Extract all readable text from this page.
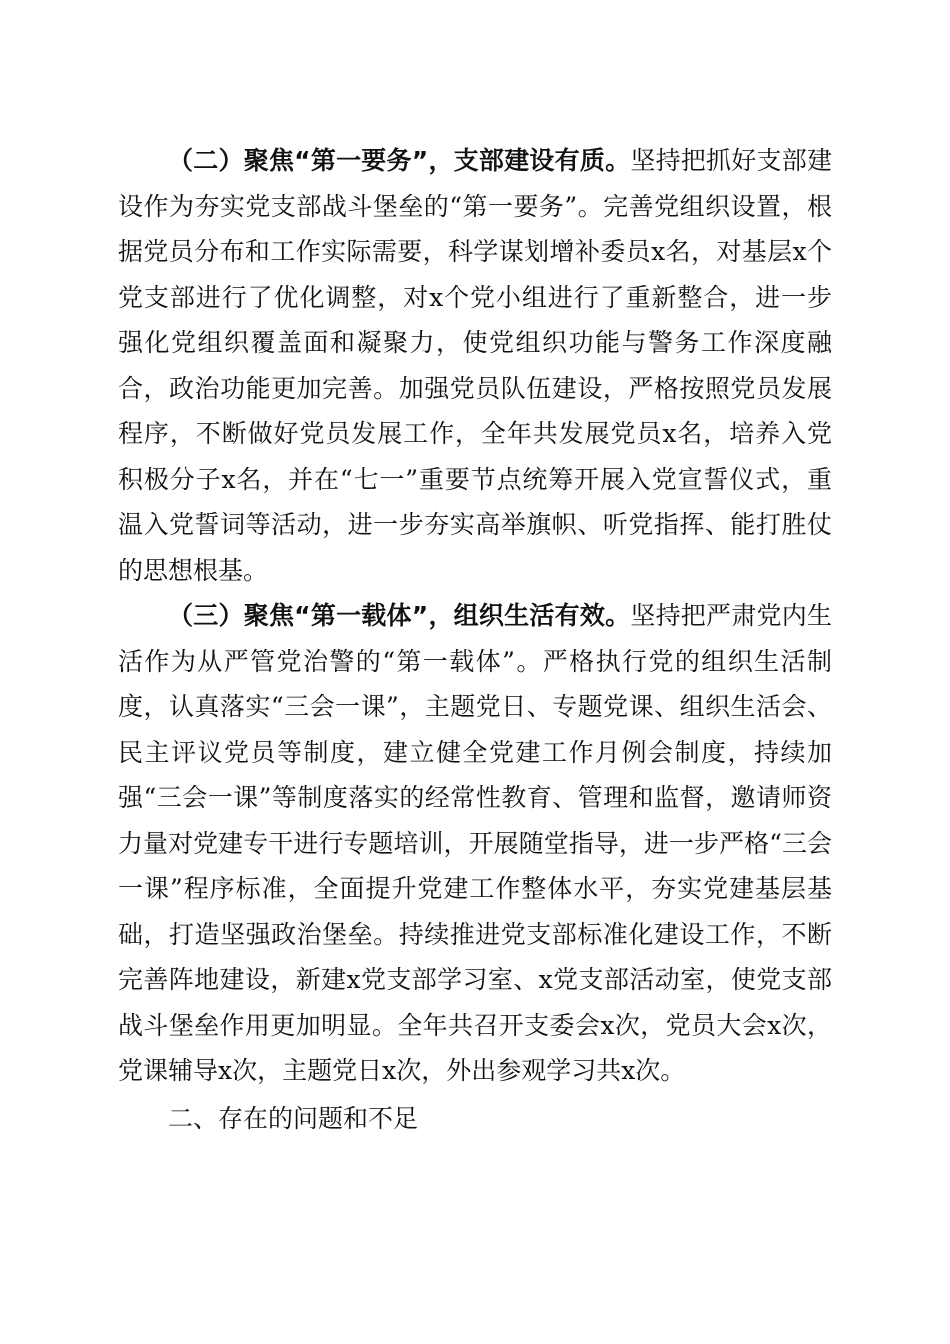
（二）聚焦“第一要务”，支部建设有质。坚持把抓好支部建设作为夯实党支部战斗堡垒的“第一要务”。完善党组织设置，根据党员分布和工作实际需要，科学谋划增补委员x名，对基层x个党支部进行了优化调整，对x个党小组进行了重新整合，进一步强化党组织覆盖面和凝聚力，使党组织功能与警务工作深度融合，政治功能更加完善。加强党员队伍建设，严格按照党员发展程序，不断做好党员发展工作，全年共发展党员x名，培养入党积极分子x名，并在“七一”重要节点统筹开展入党宣誓仪式，重温入党誓词等活动，进一步夯实高举旗帜、听党指挥、能打胜仗的思想根基。

（三）聚焦“第一载体”，组织生活有效。坚持把严肃党内生活作为从严管党治警的“第一载体”。严格执行党的组织生活制度，认真落实“三会一课”，主题党日、专题党课、组织生活会、民主评议党员等制度，建立健全党建工作月例会制度，持续加强“三会一课”等制度落实的经常性教育、管理和监督，邀请师资力量对党建专干进行专题培训，开展随堂指导，进一步严格“三会一课”程序标准，全面提升党建工作整体水平，夯实党建基层基础，打造坚强政治堡垒。持续推进党支部标准化建设工作，不断完善阵地建设，新建x党支部学习室、x党支部活动室，使党支部战斗堡垒作用更加明显。全年共召开支委会x次，党员大会x次，党课辅导x次，主题党日x次，外出参观学习共x次。

二、存在的问题和不足
